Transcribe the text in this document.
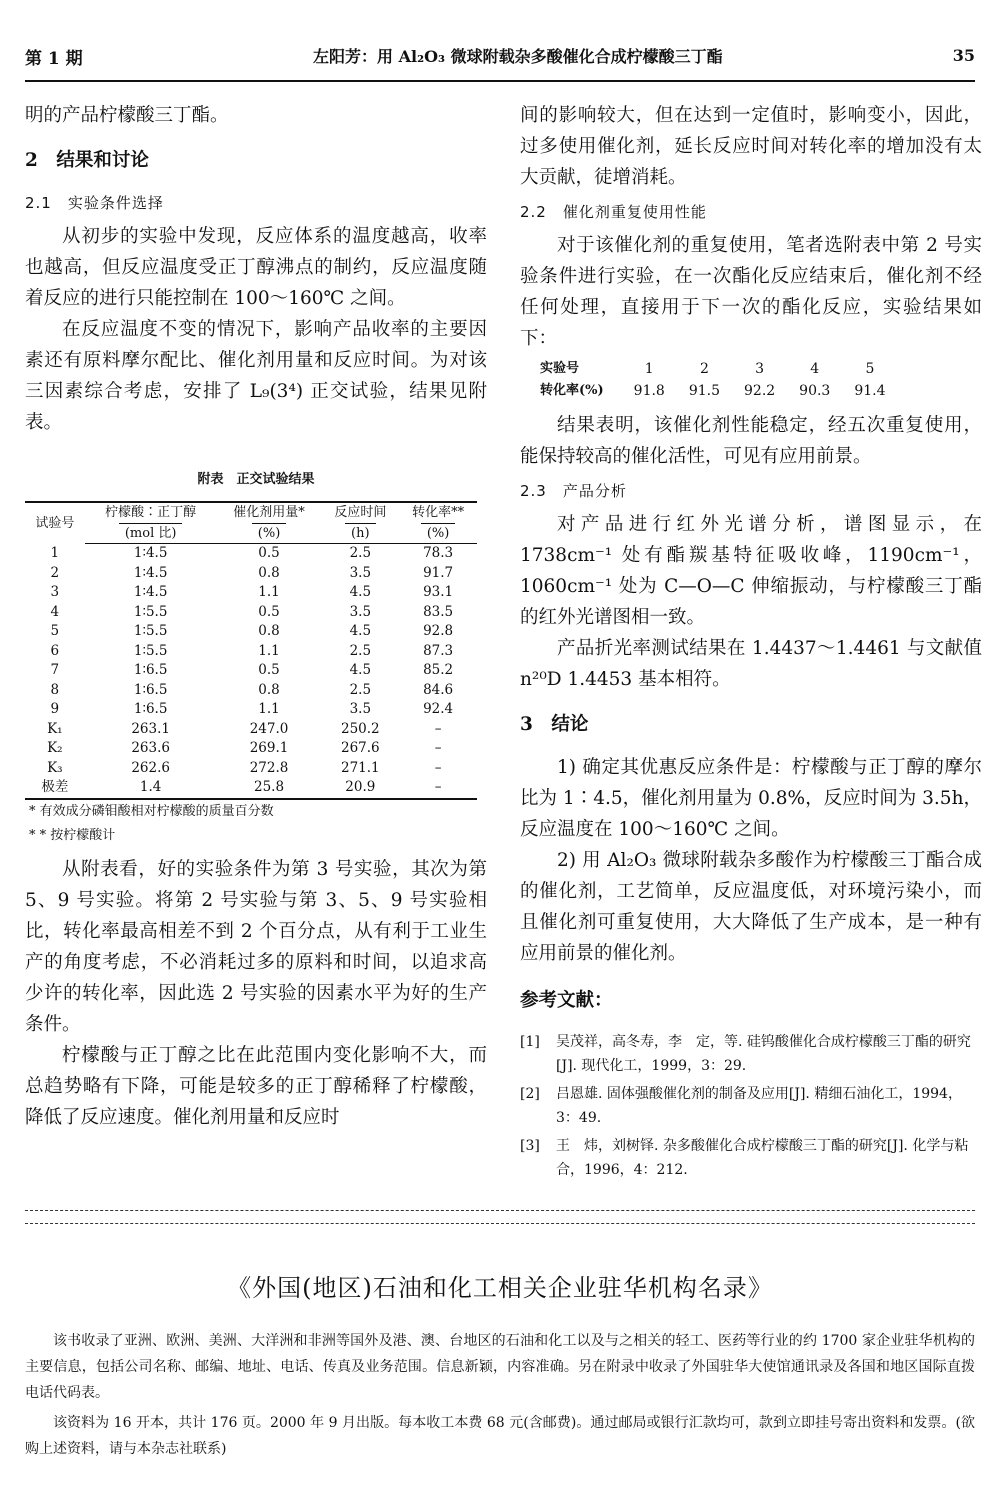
第 1 期	左阳芳：用 Al₂O₃ 微球附载杂多酸催化合成柠檬酸三丁酯	35

明的产品柠檬酸三丁酯。

2　结果和讨论
2.1　实验条件选择

从初步的实验中发现，反应体系的温度越高，收率也越高，但反应温度受正丁醇沸点的制约，反应温度随着反应的进行只能控制在 100～160℃ 之间。

在反应温度不变的情况下，影响产品收率的主要因素还有原料摩尔配比、催化剂用量和反应时间。为对该三因素综合考虑，安排了 L₉(3⁴) 正交试验，结果见附表。

附表　正交试验结果
试验号	柠檬酸∶正丁醇	催化剂用量*	反应时间	转化率**
	(mol 比)	(%)	(h)	(%)
1	1∶4.5	0.5	2.5	78.3
2	1∶4.5	0.8	3.5	91.7
3	1∶4.5	1.1	4.5	93.1
4	1∶5.5	0.5	3.5	83.5
5	1∶5.5	0.8	4.5	92.8
6	1∶5.5	1.1	2.5	87.3
7	1∶6.5	0.5	4.5	85.2
8	1∶6.5	0.8	2.5	84.6
9	1∶6.5	1.1	3.5	92.4
K₁	263.1	247.0	250.2	–
K₂	263.6	269.1	267.6	–
K₃	262.6	272.8	271.1	–
极差	1.4	25.8	20.9	–
* 有效成分磷钼酸相对柠檬酸的质量百分数
* * 按柠檬酸计

从附表看，好的实验条件为第 3 号实验，其次为第 5、9 号实验。将第 2 号实验与第 3、5、9 号实验相比，转化率最高相差不到 2 个百分点，从有利于工业生产的角度考虑，不必消耗过多的原料和时间，以追求高少许的转化率，因此选 2 号实验的因素水平为好的生产条件。

柠檬酸与正丁醇之比在此范围内变化影响不大，而总趋势略有下降，可能是较多的正丁醇稀释了柠檬酸，降低了反应速度。催化剂用量和反应时

间的影响较大，但在达到一定值时，影响变小，因此，过多使用催化剂，延长反应时间对转化率的增加没有太大贡献，徒增消耗。

2.2　催化剂重复使用性能

对于该催化剂的重复使用，笔者选附表中第 2 号实验条件进行实验，在一次酯化反应结束后，催化剂不经任何处理，直接用于下一次的酯化反应，实验结果如下：

实验号	1	2	3	4	5
转化率(%)	91.8	91.5	92.2	90.3	91.4

结果表明，该催化剂性能稳定，经五次重复使用，能保持较高的催化活性，可见有应用前景。

2.3　产品分析

对产品进行红外光谱分析，谱图显示，在 1738cm⁻¹ 处有酯羰基特征吸收峰，1190cm⁻¹，1060cm⁻¹ 处为 C—O—C 伸缩振动，与柠檬酸三丁酯的红外光谱图相一致。

产品折光率测试结果在 1.4437～1.4461 与文献值 n²⁰D 1.4453 基本相符。

3　结论

1) 确定其优惠反应条件是：柠檬酸与正丁醇的摩尔比为 1∶4.5，催化剂用量为 0.8%，反应时间为 3.5h，反应温度在 100～160℃ 之间。

2) 用 Al₂O₃ 微球附载杂多酸作为柠檬酸三丁酯合成的催化剂，工艺简单，反应温度低，对环境污染小，而且催化剂可重复使用，大大降低了生产成本，是一种有应用前景的催化剂。

参考文献：
[1]	吴茂祥，高冬寿，李　定，等. 硅钨酸催化合成柠檬酸三丁酯的研究[J]. 现代化工，1999，3：29.
[2]	吕恩雄. 固体强酸催化剂的制备及应用[J]. 精细石油化工，1994，3：49.
[3]	王　炜，刘树铎. 杂多酸催化合成柠檬酸三丁酯的研究[J]. 化学与粘合，1996，4：212.
《外国(地区)石油和化工相关企业驻华机构名录》

该书收录了亚洲、欧洲、美洲、大洋洲和非洲等国外及港、澳、台地区的石油和化工以及与之相关的轻工、医药等行业的约 1700 家企业驻华机构的主要信息，包括公司名称、邮编、地址、电话、传真及业务范围。信息新颖，内容准确。另在附录中收录了外国驻华大使馆通讯录及各国和地区国际直拨电话代码表。

该资料为 16 开本，共计 176 页。2000 年 9 月出版。每本收工本费 68 元(含邮费)。通过邮局或银行汇款均可，款到立即挂号寄出资料和发票。(欲购上述资料，请与本杂志社联系)
